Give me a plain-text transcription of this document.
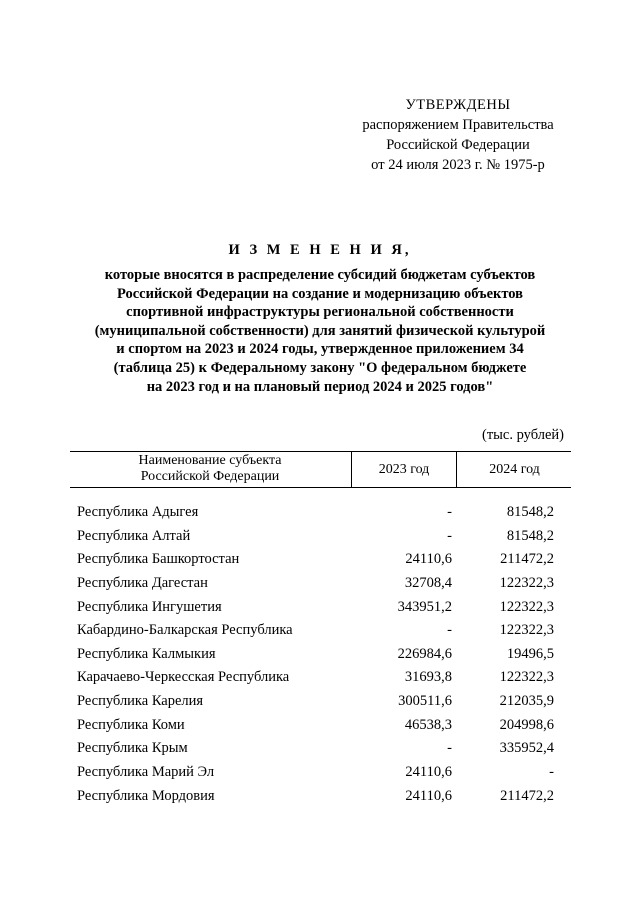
УТВЕРЖДЕНЫ
распоряжением Правительства
Российской Федерации
от 24 июля 2023 г. № 1975-р
И З М Е Н Е Н И Я,
которые вносятся в распределение субсидий бюджетам субъектов
Российской Федерации на создание и модернизацию объектов
спортивной инфраструктуры региональной собственности
(муниципальной собственности) для занятий физической культурой
и спортом на 2023 и 2024 годы, утвержденное приложением 34
(таблица 25) к Федеральному закону "О федеральном бюджете
на 2023 год и на плановый период 2024 и 2025 годов"
(тыс. рублей)
Наименование субъекта
Российской Федерации	2023 год	2024 год
Республика Адыгея	-	81548,2
Республика Алтай	-	81548,2
Республика Башкортостан	24110,6	211472,2
Республика Дагестан	32708,4	122322,3
Республика Ингушетия	343951,2	122322,3
Кабардино-Балкарская Республика	-	122322,3
Республика Калмыкия	226984,6	19496,5
Карачаево-Черкесская Республика	31693,8	122322,3
Республика Карелия	300511,6	212035,9
Республика Коми	46538,3	204998,6
Республика Крым	-	335952,4
Республика Марий Эл	24110,6	-
Республика Мордовия	24110,6	211472,2
